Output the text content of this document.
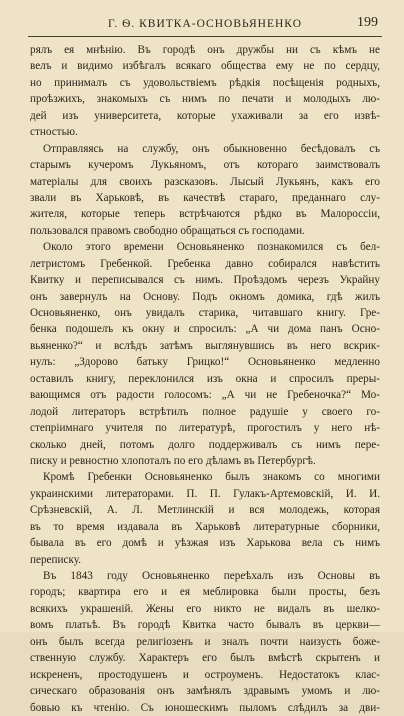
Г. Ѳ. КВИТКА-ОСНОВЬЯНЕНКО	199
рялъ ея мнѣнію. Въ городѣ онъ дружбы ни съ кѣмъ не
велъ и видимо избѣгалъ всякаго общества ему не по сердцу,
но принималъ съ удовольствіемъ рѣдкія посѣщенія родныхъ,
проѣзжихъ, знакомыхъ съ нимъ по печати и молодыхъ лю-
дей изъ университета, которые ухаживали за его извѣ-
стностью.
Отправляясь на службу, онъ обыкновенно бесѣдовалъ съ
старымъ кучеромъ Лукьяномъ, отъ котораго заимствовалъ
матеріалы для своихъ разсказовъ. Лысый Лукьянъ, какъ его
звали въ Харьковѣ, въ качествѣ стараго, преданнаго слу-
жителя, которые теперь встрѣчаются рѣдко въ Малороссіи,
пользовался правомъ свободно обращаться съ господами.
Около этого времени Основьяненко познакомился съ бел-
летристомъ Гребенкой. Гребенка давно собирался навѣстить
Квитку и переписывался съ нимъ. Проѣздомъ черезъ Украйну
онъ завернулъ на Основу. Подъ окномъ домика, гдѣ жилъ
Основьяненко, онъ увидалъ старика, читавшаго книгу. Гре-
бенка подошелъ къ окну и спросилъ: „А чи дома панъ Осно-
вьяненко?“ и вслѣдъ затѣмъ выглянувшись въ него вскрик-
нулъ: „Здорово батьку Грицко!“ Основьяненко медленно
оставилъ книгу, переклонился изъ окна и спросилъ преры-
вающимся отъ радости голосомъ: „А чи не Гребеночка?“ Мо-
лодой литераторъ встрѣтилъ полное радушіе у своего го-
степріимнаго учителя по литературѣ, прогостилъ у него нѣ-
сколько дней, потомъ долго поддерживалъ съ нимъ пере-
писку и ревностно хлопоталъ по его дѣламъ въ Петербургѣ.
Кромѣ Гребенки Основьяненко былъ знакомъ со многими
украинскими литераторами. П. П. Гулакъ-Артемовскій, И. И.
Срѣзневскій, А. Л. Метлинскій и вся молодежь, которая
въ то время издавала въ Харьковѣ литературные сборники,
бывала въ его домѣ и уѣзжая изъ Харькова вела съ нимъ
переписку.
Въ 1843 году Основьяненко переѣхалъ изъ Основы въ
городъ; квартира его и ея меблировка были просты, безъ
всякихъ украшеній. Жены его никто не видалъ въ шелко-
вомъ платьѣ. Въ городѣ Квитка часто бывалъ въ церкви—
онъ былъ всегда религіозенъ и зналъ почти наизусть боже-
ственную службу. Характеръ его былъ вмѣстѣ скрытенъ и
искрененъ, простодушенъ и остроуменъ. Недостатокъ клас-
сическаго образованія онъ замѣнялъ здравымъ умомъ и лю-
бовью къ чтенію. Съ юношескимъ пыломъ слѣдилъ за дви-
